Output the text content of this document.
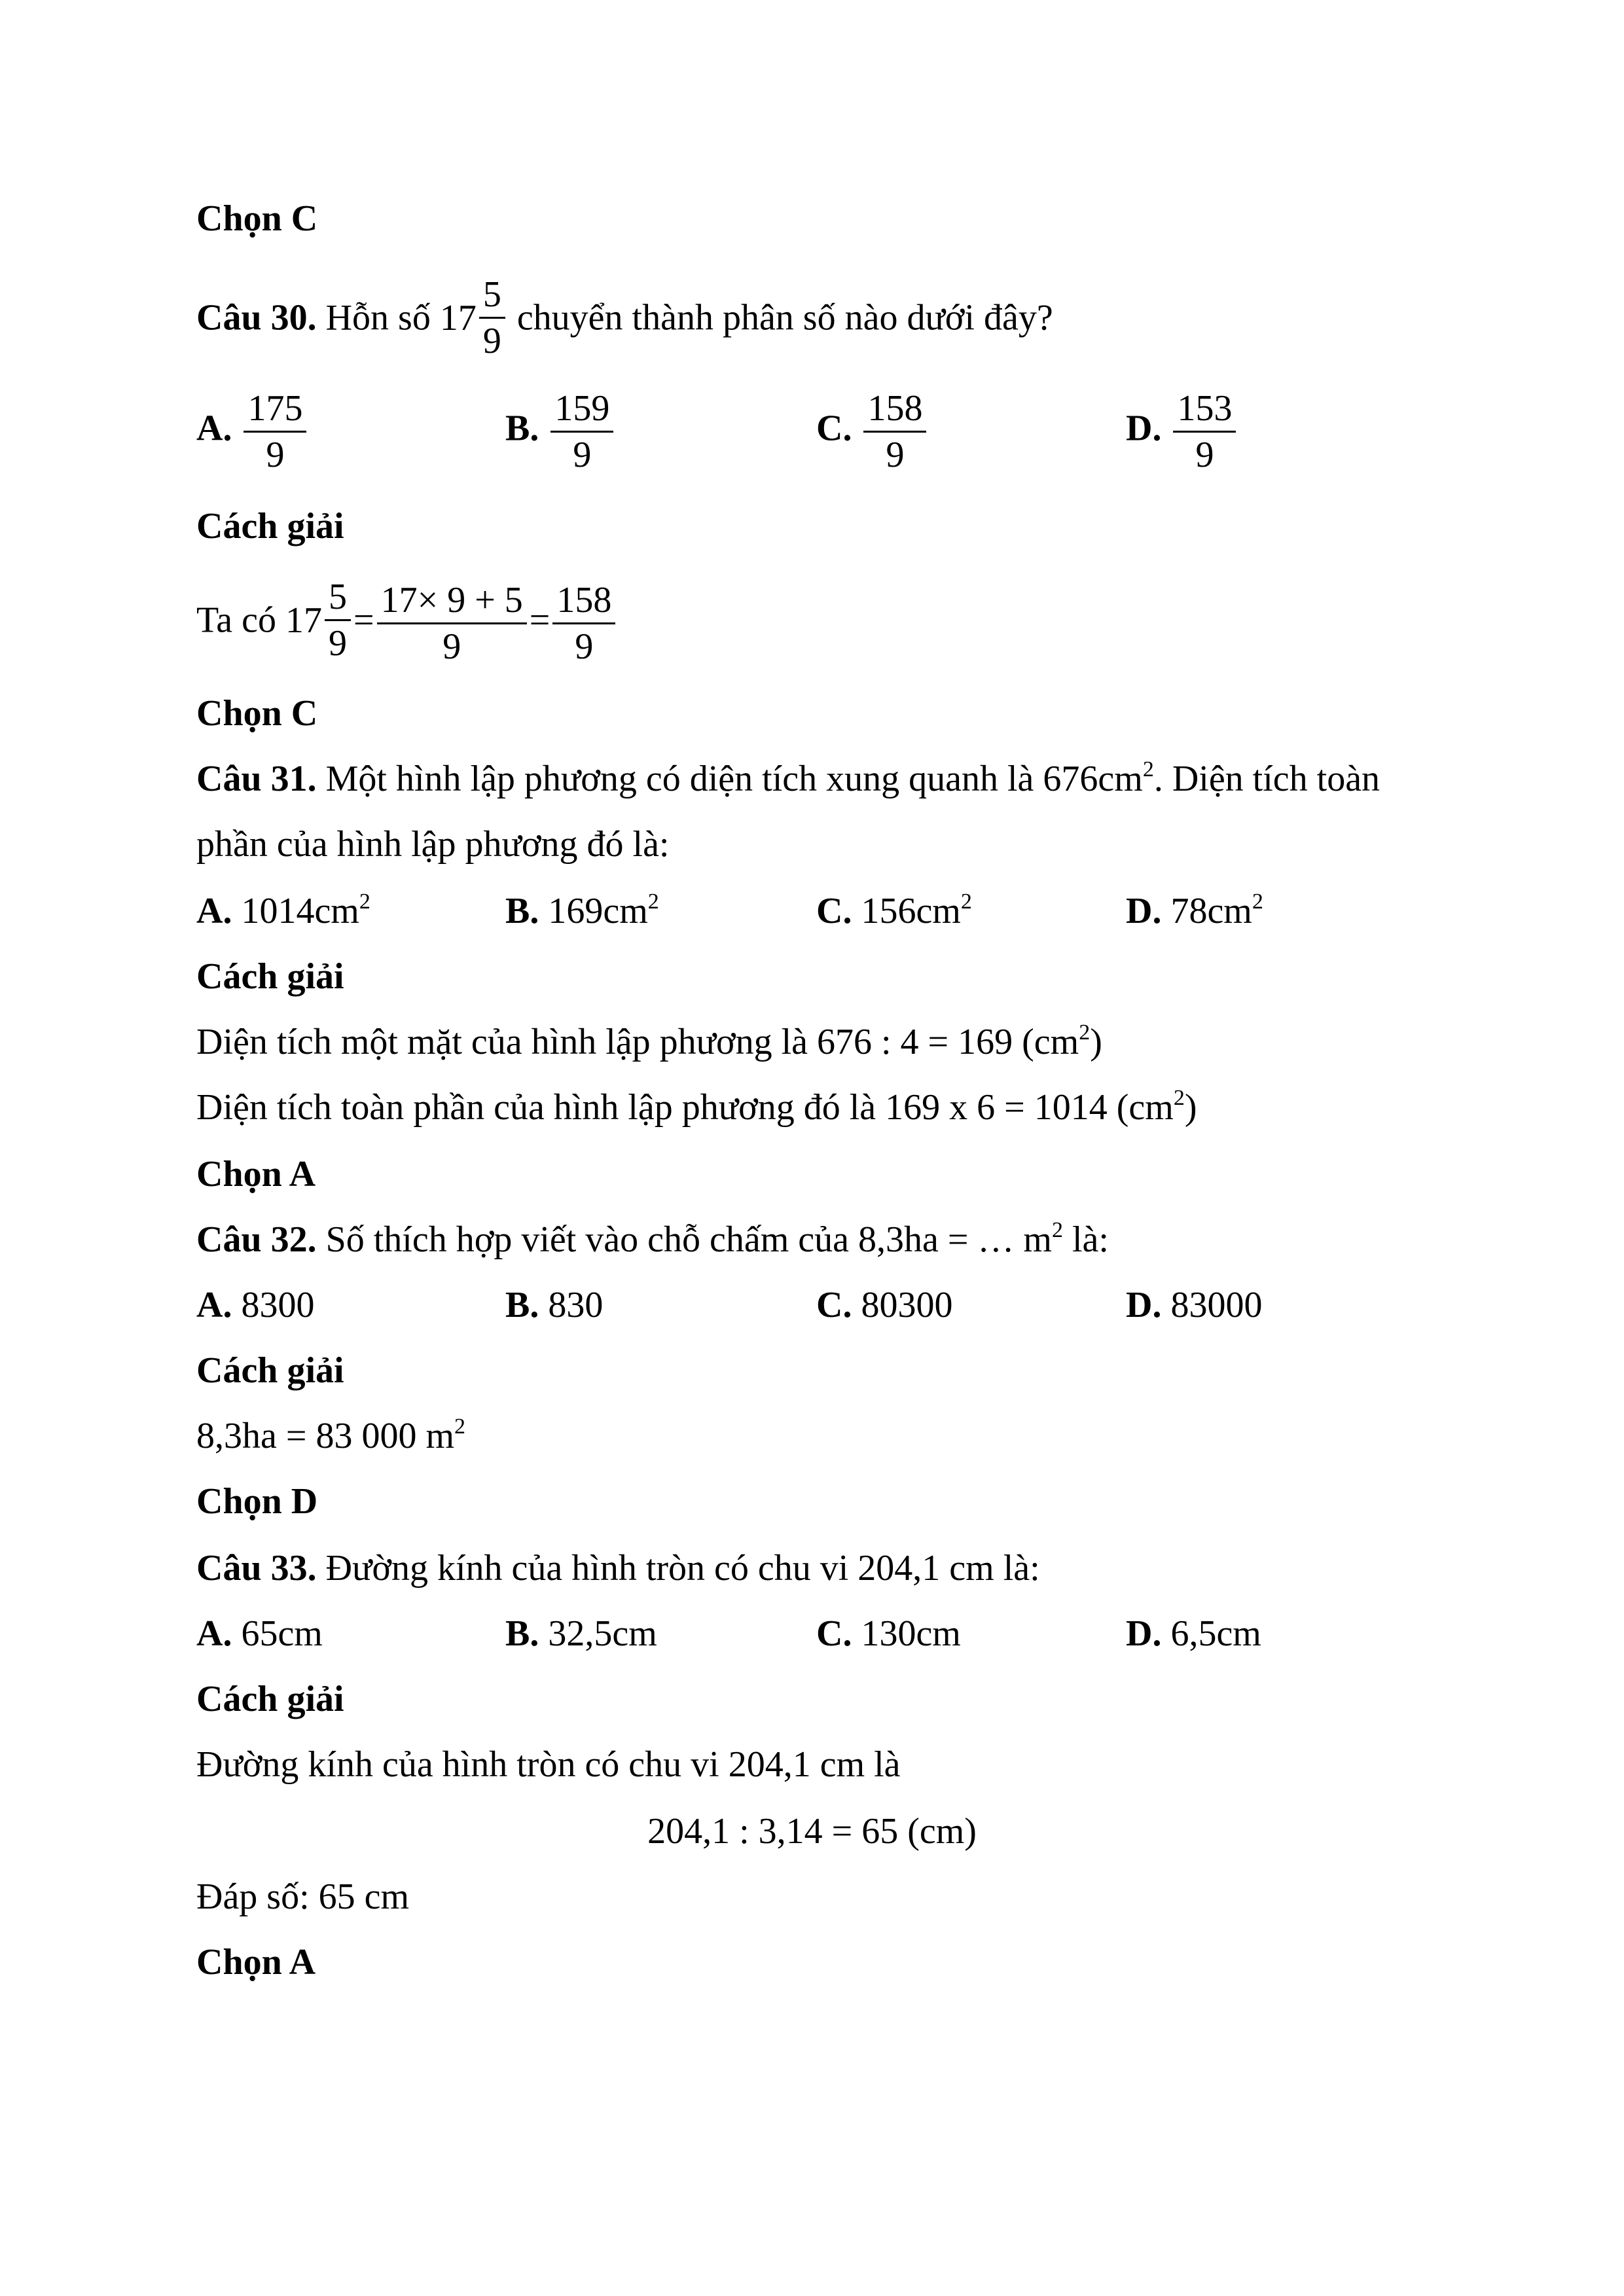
Chọn C
Câu 30. Hỗn số $17 \frac{5}{9}$ chuyển thành phân số nào dưới đây?
A. $\frac{175}{9}$	B. $\frac{159}{9}$	C. $\frac{158}{9}$	D. $\frac{153}{9}$
Cách giải
Ta có $17 \frac{5}{9} = \frac{17\times 9 + 5}{9} = \frac{158}{9}$
Chọn C
Câu 31. Một hình lập phương có diện tích xung quanh là $676cm^2$. Diện tích toàn
phần của hình lập phương đó là:
A. $1014cm^2$	B. $169cm^2$	C. $156cm^2$	D. $78cm^2$
Cách giải
Diện tích một mặt của hình lập phương là 676 : 4 = 169 $(cm^2)$
Diện tích toàn phần của hình lập phương đó là 169 x 6 = 1014 $(cm^2)$
Chọn A
Câu 32. Số thích hợp viết vào chỗ chấm của 8,3ha = … $m^2$ là:
A. 8300	B. 830	C. 80300	D. 83000
Cách giải
8,3ha = 83 000 $m^2$
Chọn D
Câu 33. Đường kính của hình tròn có chu vi 204,1 cm là:
A. 65cm	B. 32,5cm	C. 130cm	D. 6,5cm
Cách giải
Đường kính của hình tròn có chu vi 204,1 cm là
204,1 : 3,14 = 65 (cm)
Đáp số: 65 cm
Chọn A
